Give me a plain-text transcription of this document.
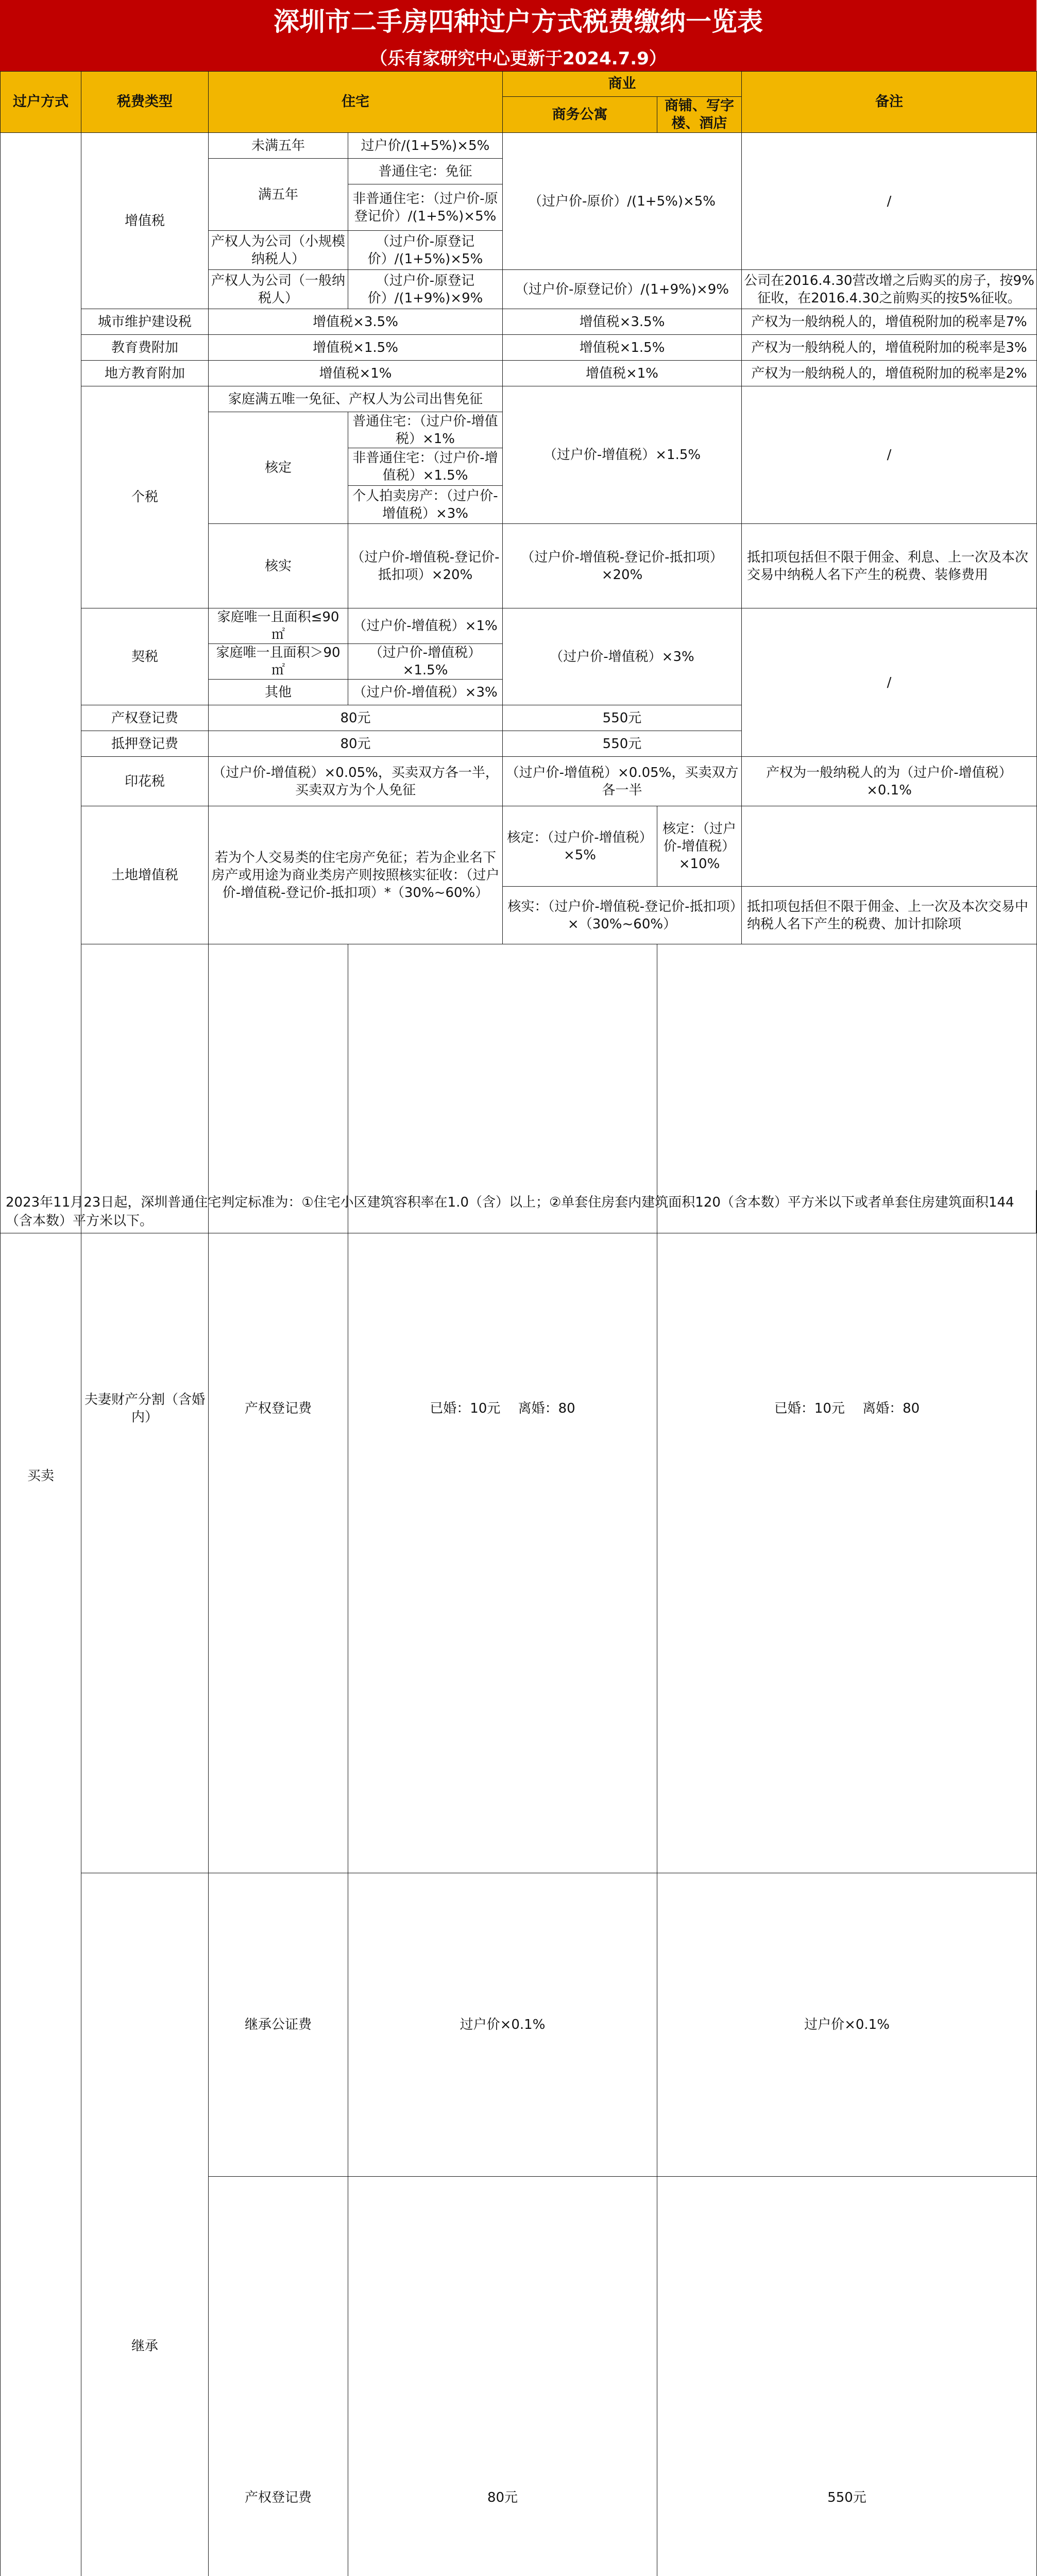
深圳市二手房四种过户方式税费缴纳一览表
（乐有家研究中心更新于2024.7.9）
过户方式	税费类型	住宅		商业		备注	
				商务公寓	商铺、写字楼、酒店		
买卖	增值税	未满五年	过户价/(1+5%)×5%	（过户价-原价）/(1+5%)×5%		/	
		满五年	普通住宅：免征				
			非普通住宅：（过户价-原登记价）/(1+5%)×5%				
		产权人为公司（小规模纳税人）	（过户价-原登记价）/(1+5%)×5%				

		产权人为公司（一般纳税人）	（过户价-原登记价）/(1+9%)×9%	（过户价-原登记价）/(1+9%)×9%		公司在2016.4.30营改增之后购买的房子，按9%征收，在2016.4.30之前购买的按5%征收。	
	城市维护建设税	增值税×3.5%		增值税×3.5%		产权为一般纳税人的，增值税附加的税率是7%	
	教育费附加	增值税×1.5%		增值税×1.5%		产权为一般纳税人的，增值税附加的税率是3%	
	地方教育附加	增值税×1%		增值税×1%		产权为一般纳税人的，增值税附加的税率是2%	
	个税	家庭满五唯一免征、产权人为公司出售免征		（过户价-增值税）×1.5%		/	
		核定	普通住宅：（过户价-增值税）×1%				
			非普通住宅：（过户价-增值税）×1.5%				
			个人拍卖房产：（过户价-增值税）×3%				
		核实	（过户价-增值税-登记价-抵扣项）×20%	（过户价-增值税-登记价-抵扣项）×20%		抵扣项包括但不限于佣金、利息、上一次及本次交易中纳税人名下产生的税费、装修费用	

	契税	家庭唯一且面积≤90㎡	（过户价-增值税）×1%	（过户价-增值税）×3%		/	
		家庭唯一且面积＞90㎡	（过户价-增值税）×1.5%				
		其他	（过户价-增值税）×3%				
	产权登记费	80元		550元			
	抵押登记费	80元		550元			
	印花税	（过户价-增值税）×0.05%，买卖双方各一半，买卖双方为个人免征		（过户价-增值税）×0.05%，买卖双方各一半		产权为一般纳税人的为（过户价-增值税）×0.1%	

	土地增值税	若为个人交易类的住宅房产免征；若为企业名下房产或用途为商业类房产则按照核实征收：（过户价-增值税-登记价-抵扣项）*（30%~60%）		核定：（过户价-增值税）×5%	核定：（过户价-增值税）×10%		

				核实：（过户价-增值税-登记价-抵扣项）×（30%~60%）		抵扣项包括但不限于佣金、上一次及本次交易中纳税人名下产生的税费、加计扣除项	

	夫妻财产分割（含婚内）	产权登记费	已婚：10元　 离婚：80		已婚：10元　 离婚：80	
	继承	继承公证费	过户价×0.1%		过户价×0.1%	
		产权登记费	80元		550元		

2023年11月23日起，深圳普通住宅判定标准为：①住宅小区建筑容积率在1.0（含）以上；②单套住房套内建筑面积120（含本数）平方米以下或者单套住房建筑面积144（含本数）平方米以下。
